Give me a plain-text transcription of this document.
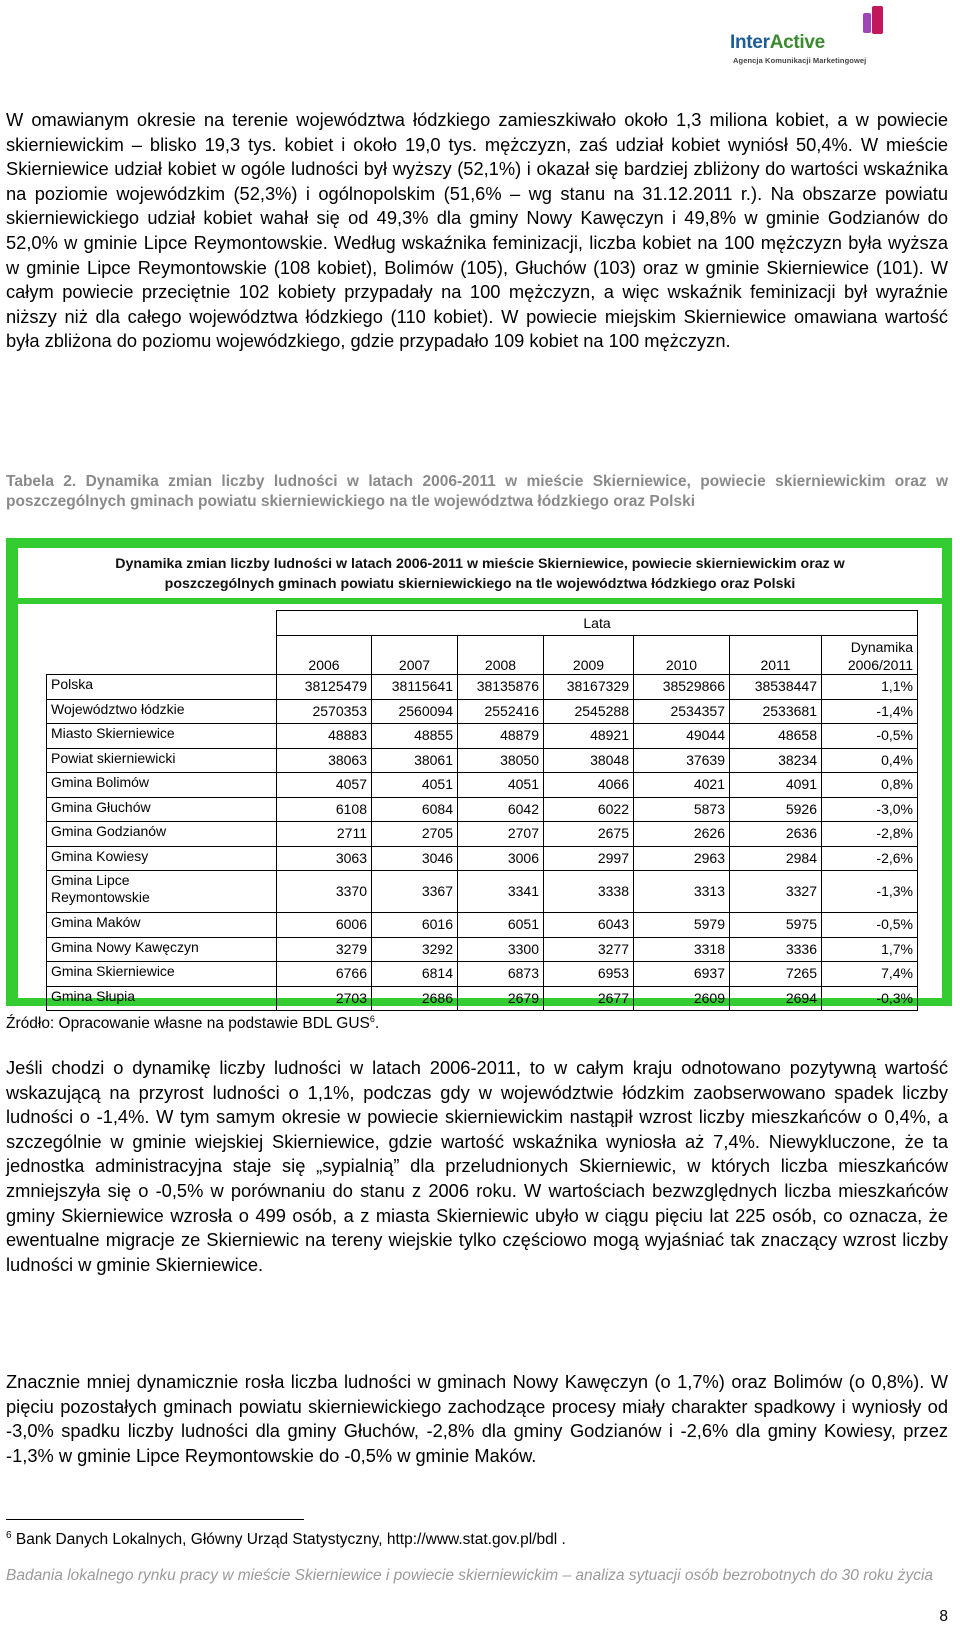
InterActive
Agencja Komunikacji Marketingowej

W omawianym okresie na terenie województwa łódzkiego zamieszkiwało około 1,3 miliona kobiet, a w powiecie skierniewickim – blisko 19,3 tys. kobiet i około 19,0 tys. mężczyzn, zaś udział kobiet wyniósł 50,4%. W mieście Skierniewice udział kobiet w ogóle ludności był wyższy (52,1%) i okazał się bardziej zbliżony do wartości wskaźnika na poziomie wojewódzkim (52,3%) i ogólnopolskim (51,6% – wg stanu na 31.12.2011 r.). Na obszarze powiatu skierniewickiego udział kobiet wahał się od 49,3% dla gminy Nowy Kawęczyn i 49,8% w gminie Godzianów do 52,0% w gminie Lipce Reymontowskie. Według wskaźnika feminizacji, liczba kobiet na 100 mężczyzn była wyższa w gminie Lipce Reymontowskie (108 kobiet), Bolimów (105), Głuchów (103) oraz w gminie Skierniewice (101). W całym powiecie przeciętnie 102 kobiety przypadały na 100 mężczyzn, a więc wskaźnik feminizacji był wyraźnie niższy niż dla całego województwa łódzkiego (110 kobiet). W powiecie miejskim Skierniewice omawiana wartość była zbliżona do poziomu wojewódzkiego, gdzie przypadało 109 kobiet na 100 mężczyzn.

Tabela 2. Dynamika zmian liczby ludności w latach 2006-2011 w mieście Skierniewice, powiecie skierniewickim oraz w poszczególnych gminach powiatu skierniewickiego na tle województwa łódzkiego oraz Polski

Dynamika zmian liczby ludności w latach 2006-2011 w mieście Skierniewice, powiecie skierniewickim oraz w
poszczególnych gminach powiatu skierniewickiego na tle województwa łódzkiego oraz Polski
	Lata						
	2006	2007	2008	2009	2010	2011	Dynamika
2006/2011

Polska	38125479	38115641	38135876	38167329	38529866	38538447	1,1%
Województwo łódzkie	2570353	2560094	2552416	2545288	2534357	2533681	-1,4%
Miasto Skierniewice	48883	48855	48879	48921	49044	48658	-0,5%
Powiat skierniewicki	38063	38061	38050	38048	37639	38234	0,4%
Gmina Bolimów	4057	4051	4051	4066	4021	4091	0,8%
Gmina Głuchów	6108	6084	6042	6022	5873	5926	-3,0%
Gmina Godzianów	2711	2705	2707	2675	2626	2636	-2,8%
Gmina Kowiesy	3063	3046	3006	2997	2963	2984	-2,6%

Gmina Lipce
Reymontowskie	3370	3367	3341	3338	3313	3327	-1,3%
Gmina Maków	6006	6016	6051	6043	5979	5975	-0,5%
Gmina Nowy Kawęczyn	3279	3292	3300	3277	3318	3336	1,7%
Gmina Skierniewice	6766	6814	6873	6953	6937	7265	7,4%
Gmina Słupia	2703	2686	2679	2677	2609	2694	-0,3%
Źródło: Opracowanie własne na podstawie BDL GUS$^6$.

Jeśli chodzi o dynamikę liczby ludności w latach 2006-2011, to w całym kraju odnotowano pozytywną wartość wskazującą na przyrost ludności o 1,1%, podczas gdy w województwie łódzkim zaobserwowano spadek liczby ludności o -1,4%. W tym samym okresie w powiecie skierniewickim nastąpił wzrost liczby mieszkańców o 0,4%, a szczególnie w gminie wiejskiej Skierniewice, gdzie wartość wskaźnika wyniosła aż 7,4%. Niewykluczone, że ta jednostka administracyjna staje się „sypialnią” dla przeludnionych Skierniewic, w których liczba mieszkańców zmniejszyła się o -0,5% w porównaniu do stanu z 2006 roku. W wartościach bezwzględnych liczba mieszkańców gminy Skierniewice wzrosła o 499 osób, a z miasta Skierniewic ubyło w ciągu pięciu lat 225 osób, co oznacza, że ewentualne migracje ze Skierniewic na tereny wiejskie tylko częściowo mogą wyjaśniać tak znaczący wzrost liczby ludności w gminie Skierniewice.

Znacznie mniej dynamicznie rosła liczba ludności w gminach Nowy Kawęczyn (o 1,7%) oraz Bolimów (o 0,8%). W pięciu pozostałych gminach powiatu skierniewickiego zachodzące procesy miały charakter spadkowy i wyniosły od -3,0% spadku liczby ludności dla gminy Głuchów, -2,8% dla gminy Godzianów i -2,6% dla gminy Kowiesy, przez -1,3% w gminie Lipce Reymontowskie do -0,5% w gminie Maków.

$^6$ Bank Danych Lokalnych, Główny Urząd Statystyczny, http://www.stat.gov.pl/bdl .

Badania lokalnego rynku pracy w mieście Skierniewice i powiecie skierniewickim – analiza sytuacji osób bezrobotnych do 30 roku życia

8
